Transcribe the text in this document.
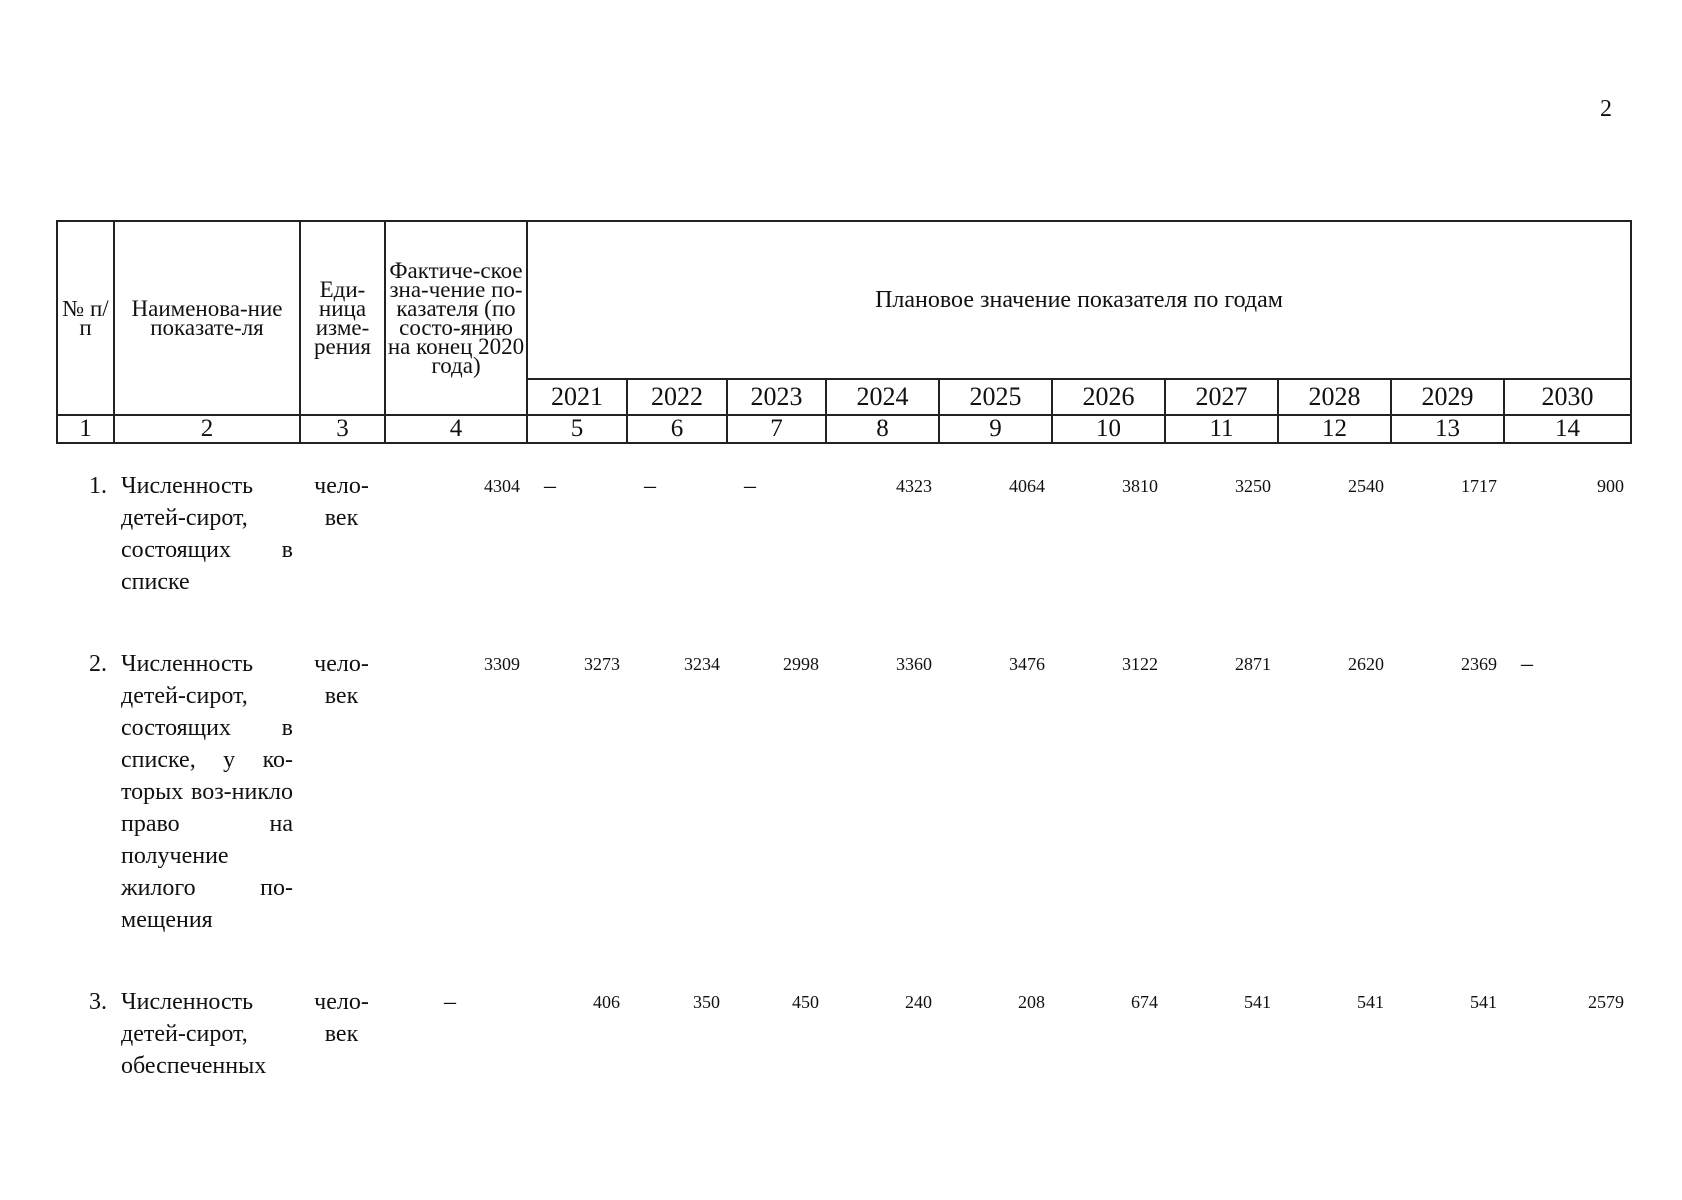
2
№ п/п	Наименова-ние показате-ля	Еди-ница изме-рения	Фактиче-ское зна-чение по-казателя (по состо-янию на конец 2020 года)	Плановое значение показателя по годам									
				2021	2022	2023	2024	2025	2026	2027	2028	2029	2030
1	2	3	4	5	6	7	8	9	10	11	12	13	14
1.	Численность детей-сирот, состоящих в списке	чело-век	4304	–	–	–	4323	4064	3810	3250	2540	1717	900

2.	Численность детей-сирот, состоящих в списке, у ко-торых воз-никло право на получение жилого по-мещения	чело-век	3309	3273	3234	2998	3360	3476	3122	2871	2620	2369	–

3.	Численность детей-сирот, обеспеченных	чело-век	–	406	350	450	240	208	674	541	541	541	2579
